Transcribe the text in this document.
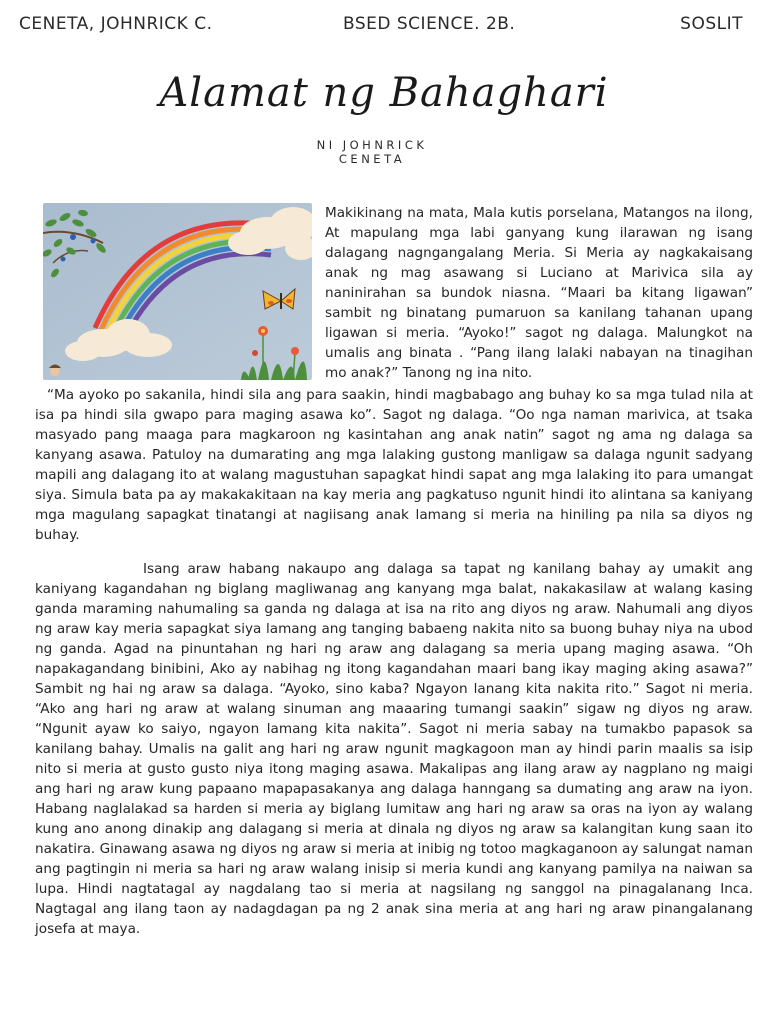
CENETA, JOHNRICK C.	BSED SCIENCE. 2B.	SOSLIT
Alamat ng Bahaghari
NI JOHNRICK
CENETA

Makikinang na mata, Mala kutis porselana, Matangos na ilong, At mapulang mga labi ganyang kung ilarawan ng isang dalagang nagngangalang Meria. Si Meria ay nagkakaisang anak ng mag asawang si Luciano at Marivica sila ay naninirahan sa bundok niasna. “Maari ba kitang ligawan” sambit ng binatang pumaruon sa kanilang tahanan upang ligawan si meria. “Ayoko!” sagot ng dalaga. Malungkot na umalis ang binata . “Pang ilang lalaki nabayan na tinagihan mo anak?” Tanong ng ina nito.

“Ma ayoko po sakanila, hindi sila ang para saakin, hindi magbabago ang buhay ko sa mga tulad nila at isa pa hindi sila gwapo para maging asawa ko”. Sagot ng dalaga. “Oo nga naman marivica, at tsaka masyado pang maaga para magkaroon ng kasintahan ang anak natin” sagot ng ama ng dalaga sa kanyang asawa. Patuloy na dumarating ang mga lalaking gustong manligaw sa dalaga ngunit sadyang mapili ang dalagang ito at walang magustuhan sapagkat hindi sapat ang mga lalaking ito para umangat siya. Simula bata pa ay makakakitaan na kay meria ang pagkatuso ngunit hindi ito alintana sa kaniyang mga magulang sapagkat tinatangi at nagiisang anak lamang si meria na hiniling pa nila sa diyos ng buhay.

Isang araw habang nakaupo ang dalaga sa tapat ng kanilang bahay ay umakit ang kaniyang kagandahan ng biglang magliwanag ang kanyang mga balat, nakakasilaw at walang kasing ganda maraming nahumaling sa ganda ng dalaga at isa na rito ang diyos ng araw. Nahumali ang diyos ng araw kay meria sapagkat siya lamang ang tanging babaeng nakita nito sa buong buhay niya na ubod ng ganda. Agad na pinuntahan ng hari ng araw ang dalagang sa meria upang maging asawa. “Oh napakagandang binibini, Ako ay nabihag ng itong kagandahan maari bang ikay maging aking asawa?” Sambit ng hai ng araw sa dalaga. “Ayoko, sino kaba? Ngayon lanang kita nakita rito.” Sagot ni meria. “Ako ang hari ng araw at walang sinuman ang maaaring tumangi saakin” sigaw ng diyos ng araw. “Ngunit ayaw ko saiyo, ngayon lamang kita nakita”. Sagot ni meria sabay na tumakbo papasok sa kanilang bahay. Umalis na galit ang hari ng araw ngunit magkagoon man ay hindi parin maalis sa isip nito si meria at gusto gusto niya itong maging asawa. Makalipas ang ilang araw ay nagplano ng maigi ang hari ng araw kung papaano mapapasakanya ang dalaga hanngang sa dumating ang araw na iyon. Habang naglalakad sa harden si meria ay biglang lumitaw ang hari ng araw sa oras na iyon ay walang kung ano anong dinakip ang dalagang si meria at dinala ng diyos ng araw sa kalangitan kung saan ito nakatira. Ginawang asawa ng diyos ng araw si meria at inibig ng totoo magkaganoon ay salungat naman ang pagtingin ni meria sa hari ng araw walang inisip si meria kundi ang kanyang pamilya na naiwan sa lupa. Hindi nagtatagal ay nagdalang tao si meria at nagsilang ng sanggol na pinagalanang Inca. Nagtagal ang ilang taon ay nadagdagan pa ng 2 anak sina meria at ang hari ng araw pinangalanang josefa at maya.
